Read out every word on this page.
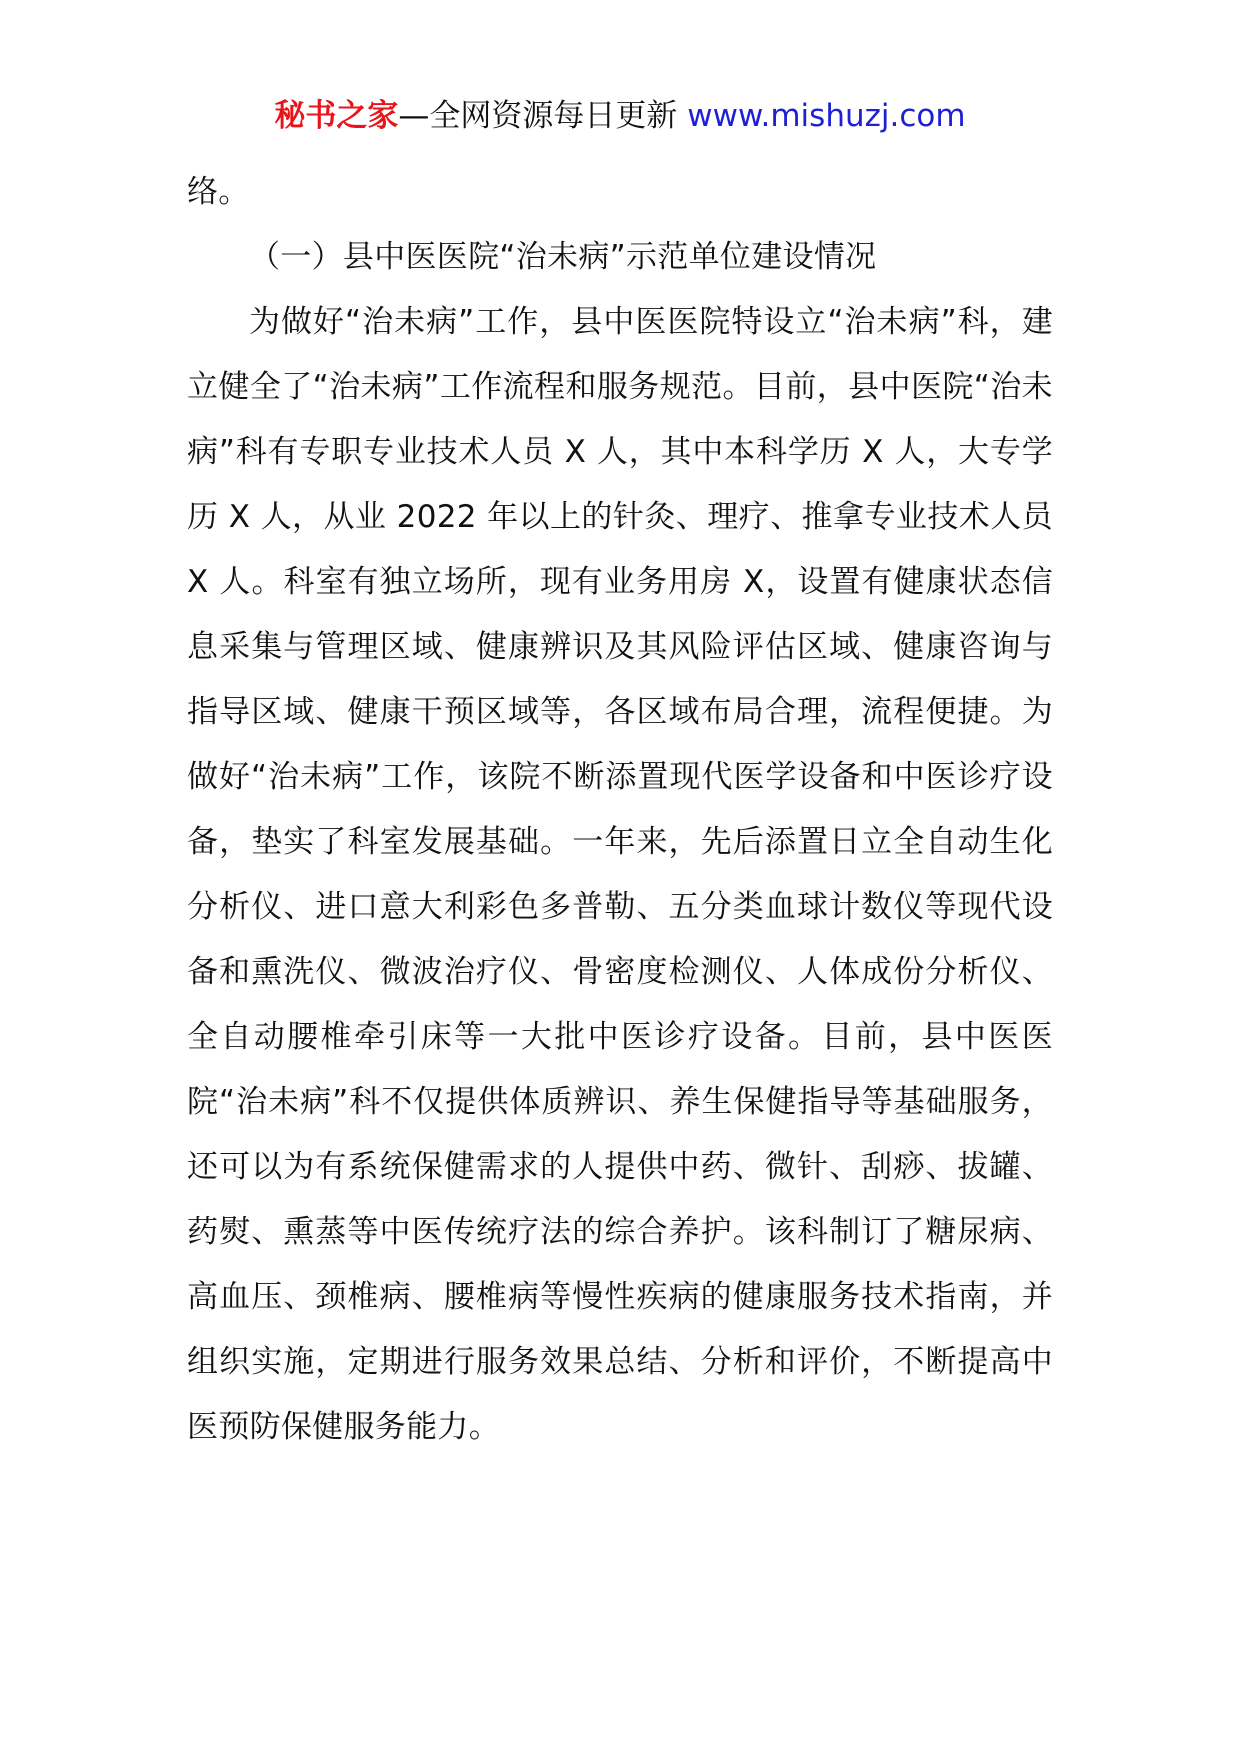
秘书之家—全网资源每日更新 www.mishuzj.com

络。

（一）县中医医院“治未病”示范单位建设情况

为做好“治未病”工作，县中医医院特设立“治未病”科，建立健全了“治未病”工作流程和服务规范。目前，县中医院“治未病”科有专职专业技术人员 X 人，其中本科学历 X 人，大专学历 X 人，从业 2022 年以上的针灸、理疗、推拿专业技术人员 X 人。科室有独立场所，现有业务用房 X￼，设置有健康状态信息采集与管理区域、健康辨识及其风险评估区域、健康咨询与指导区域、健康干预区域等，各区域布局合理，流程便捷。为做好“治未病”工作，该院不断添置现代医学设备和中医诊疗设备，垫实了科室发展基础。一年来，先后添置日立全自动生化分析仪、进口意大利彩色多普勒、五分类血球计数仪等现代设备和熏洗仪、微波治疗仪、骨密度检测仪、人体成份分析仪、全自动腰椎牵引床等一大批中医诊疗设备。目前，县中医医院“治未病”科不仅提供体质辨识、养生保健指导等基础服务，还可以为有系统保健需求的人提供中药、微针、刮痧、拔罐、药熨、熏蒸等中医传统疗法的综合养护。该科制订了糖尿病、高血压、颈椎病、腰椎病等慢性疾病的健康服务技术指南，并组织实施，定期进行服务效果总结、分析和评价，不断提高中医预防保健服务能力。
